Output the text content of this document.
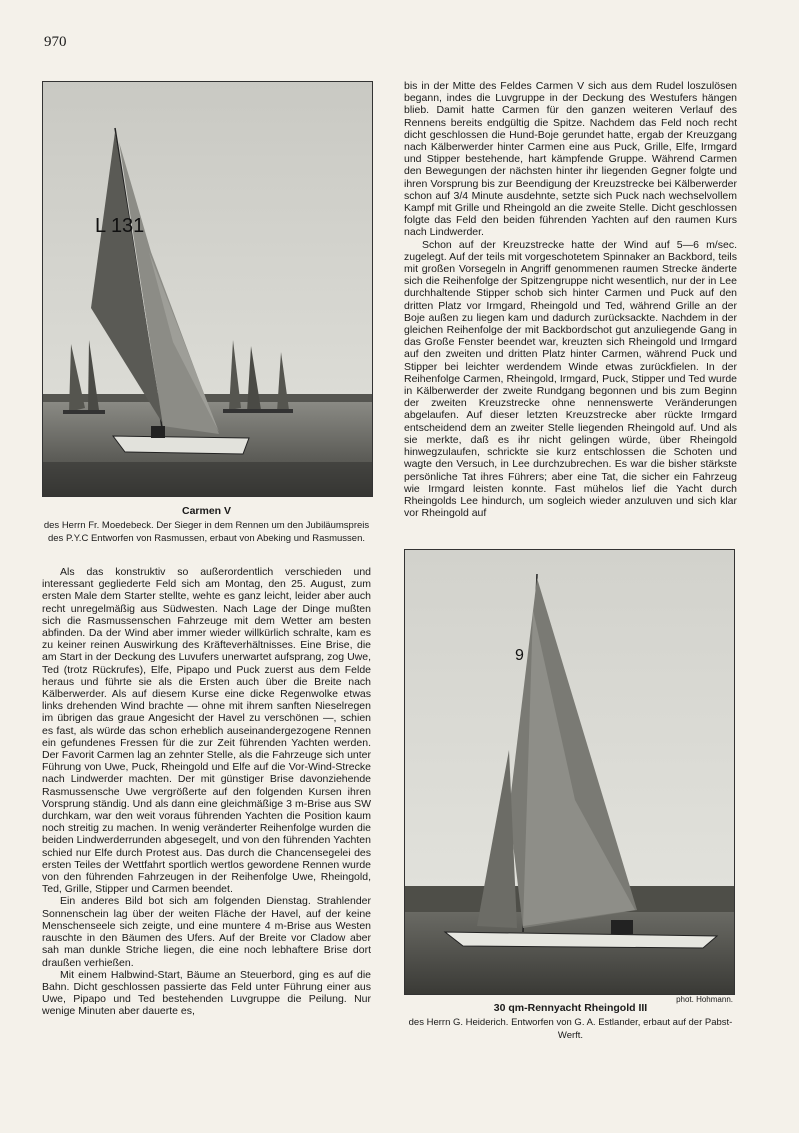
970
L 131
Carmen V
des Herrn Fr. Moedebeck. Der Sieger in dem Rennen um den Jubiläumspreis des P.Y.C Entworfen von Rasmussen, erbaut von Abeking und Rasmussen.
9
phot. Hohmann.
30 qm-Rennyacht Rheingold III
des Herrn G. Heiderich. Entworfen von G. A. Estlander, erbaut auf der Pabst-Werft.

bis in der Mitte des Feldes Carmen V sich aus dem Rudel loszulösen begann, indes die Luvgruppe in der Deckung des Westufers hängen blieb. Damit hatte Carmen für den ganzen weiteren Verlauf des Rennens bereits endgültig die Spitze. Nachdem das Feld noch recht dicht geschlossen die Hund-Boje gerundet hatte, ergab der Kreuzgang nach Kälberwerder hinter Carmen eine aus Puck, Grille, Elfe, Irmgard und Stipper bestehende, hart kämpfende Gruppe. Während Carmen den Bewegungen der nächsten hinter ihr liegenden Gegner folgte und ihren Vorsprung bis zur Beendigung der Kreuzstrecke bei Kälberwerder schon auf 3/4 Minute ausdehnte, setzte sich Puck nach wechselvollem Kampf mit Grille und Rheingold an die zweite Stelle. Dicht geschlossen folgte das Feld den beiden führenden Yachten auf den raumen Kurs nach Lindwerder.

Schon auf der Kreuzstrecke hatte der Wind auf 5—6 m/sec. zugelegt. Auf der teils mit vorgeschotetem Spinnaker an Backbord, teils mit großen Vorsegeln in Angriff genommenen raumen Strecke änderte sich die Reihenfolge der Spitzengruppe nicht wesentlich, nur der in Lee durchhaltende Stipper schob sich hinter Carmen und Puck auf den dritten Platz vor Irmgard, Rheingold und Ted, während Grille an der Boje außen zu liegen kam und dadurch zurücksackte. Nachdem in der gleichen Reihenfolge der mit Backbordschot gut anzuliegende Gang in das Große Fenster beendet war, kreuzten sich Rheingold und Irmgard auf den zweiten und dritten Platz hinter Carmen, während Puck und Stipper bei leichter werdendem Winde etwas zurückfielen. In der Reihenfolge Carmen, Rheingold, Irmgard, Puck, Stipper und Ted wurde in Kälberwerder der zweite Rundgang begonnen und bis zum Beginn der zweiten Kreuzstrecke ohne nennenswerte Veränderungen abgelaufen. Auf dieser letzten Kreuzstrecke aber rückte Irmgard entscheidend dem an zweiter Stelle liegenden Rheingold auf. Und als sie merkte, daß es ihr nicht gelingen würde, über Rheingold hinwegzulaufen, schrickte sie kurz entschlossen die Schoten und wagte den Versuch, in Lee durchzubrechen. Es war die bisher stärkste persönliche Tat ihres Führers; aber eine Tat, die sicher ein Fahrzeug wie Irmgard leisten konnte. Fast mühelos lief die Yacht durch Rheingolds Lee hindurch, um sogleich wieder anzuluven und sich klar vor Rheingold auf

Als das konstruktiv so außerordentlich verschieden und interessant gegliederte Feld sich am Montag, den 25. August, zum ersten Male dem Starter stellte, wehte es ganz leicht, leider aber auch recht unregelmäßig aus Südwesten. Nach Lage der Dinge mußten sich die Rasmussenschen Fahrzeuge mit dem Wetter am besten abfinden. Da der Wind aber immer wieder willkürlich schralte, kam es zu keiner reinen Auswirkung des Kräfteverhältnisses. Eine Brise, die am Start in der Deckung des Luvufers unerwartet aufsprang, zog Uwe, Ted (trotz Rückrufes), Elfe, Pipapo und Puck zuerst aus dem Felde heraus und führte sie als die Ersten auch über die Breite nach Kälberwerder. Als auf diesem Kurse eine dicke Regenwolke etwas links drehenden Wind brachte — ohne mit ihrem sanften Nieselregen im übrigen das graue Angesicht der Havel zu verschönen —, schien es fast, als würde das schon erheblich auseinandergezogene Rennen ein gefundenes Fressen für die zur Zeit führenden Yachten werden. Der Favorit Carmen lag an zehnter Stelle, als die Fahrzeuge sich unter Führung von Uwe, Puck, Rheingold und Elfe auf die Vor-Wind-Strecke nach Lindwerder machten. Der mit günstiger Brise davonziehende Rasmussensche Uwe vergrößerte auf den folgenden Kursen ihren Vorsprung ständig. Und als dann eine gleichmäßige 3 m-Brise aus SW durchkam, war den weit voraus führenden Yachten die Position kaum noch streitig zu machen. In wenig veränderter Reihenfolge wurden die beiden Lindwerderrunden abgesegelt, und von den führenden Yachten schied nur Elfe durch Protest aus. Das durch die Chancensegelei des ersten Teiles der Wettfahrt sportlich wertlos gewordene Rennen wurde von den führenden Fahrzeugen in der Reihenfolge Uwe, Rheingold, Ted, Grille, Stipper und Carmen beendet.

Ein anderes Bild bot sich am folgenden Dienstag. Strahlender Sonnenschein lag über der weiten Fläche der Havel, auf der keine Menschenseele sich zeigte, und eine muntere 4 m-Brise aus Westen rauschte in den Bäumen des Ufers. Auf der Breite vor Cladow aber sah man dunkle Striche liegen, die eine noch lebhaftere Brise dort draußen verhießen.

Mit einem Halbwind-Start, Bäume an Steuerbord, ging es auf die Bahn. Dicht geschlossen passierte das Feld unter Führung einer aus Uwe, Pipapo und Ted bestehenden Luvgruppe die Peilung. Nur wenige Minuten aber dauerte es,
